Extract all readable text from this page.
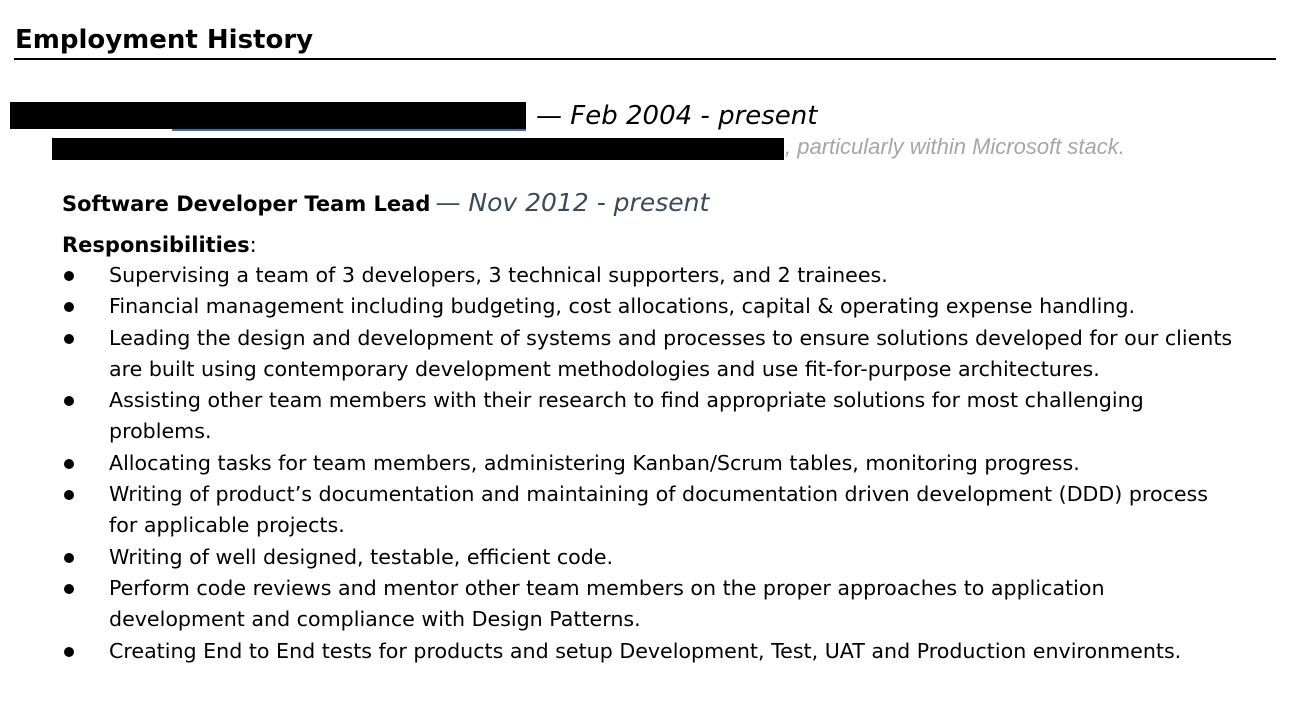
Employment History
— Feb 2004 - present
, particularly within Microsoft stack.
Software Developer Team Lead — Nov 2012 - present
Responsibilities:
Supervising a team of 3 developers, 3 technical supporters, and 2 trainees.
Financial management including budgeting, cost allocations, capital & operating expense handling.
Leading the design and development of systems and processes to ensure solutions developed for our clients
are built using contemporary development methodologies and use fit-for-purpose architectures.
Assisting other team members with their research to find appropriate solutions for most challenging
problems.
Allocating tasks for team members, administering Kanban/Scrum tables, monitoring progress.
Writing of product’s documentation and maintaining of documentation driven development (DDD) process
for applicable projects.
Writing of well designed, testable, efficient code.
Perform code reviews and mentor other team members on the proper approaches to application
development and compliance with Design Patterns.
Creating End to End tests for products and setup Development, Test, UAT and Production environments.
